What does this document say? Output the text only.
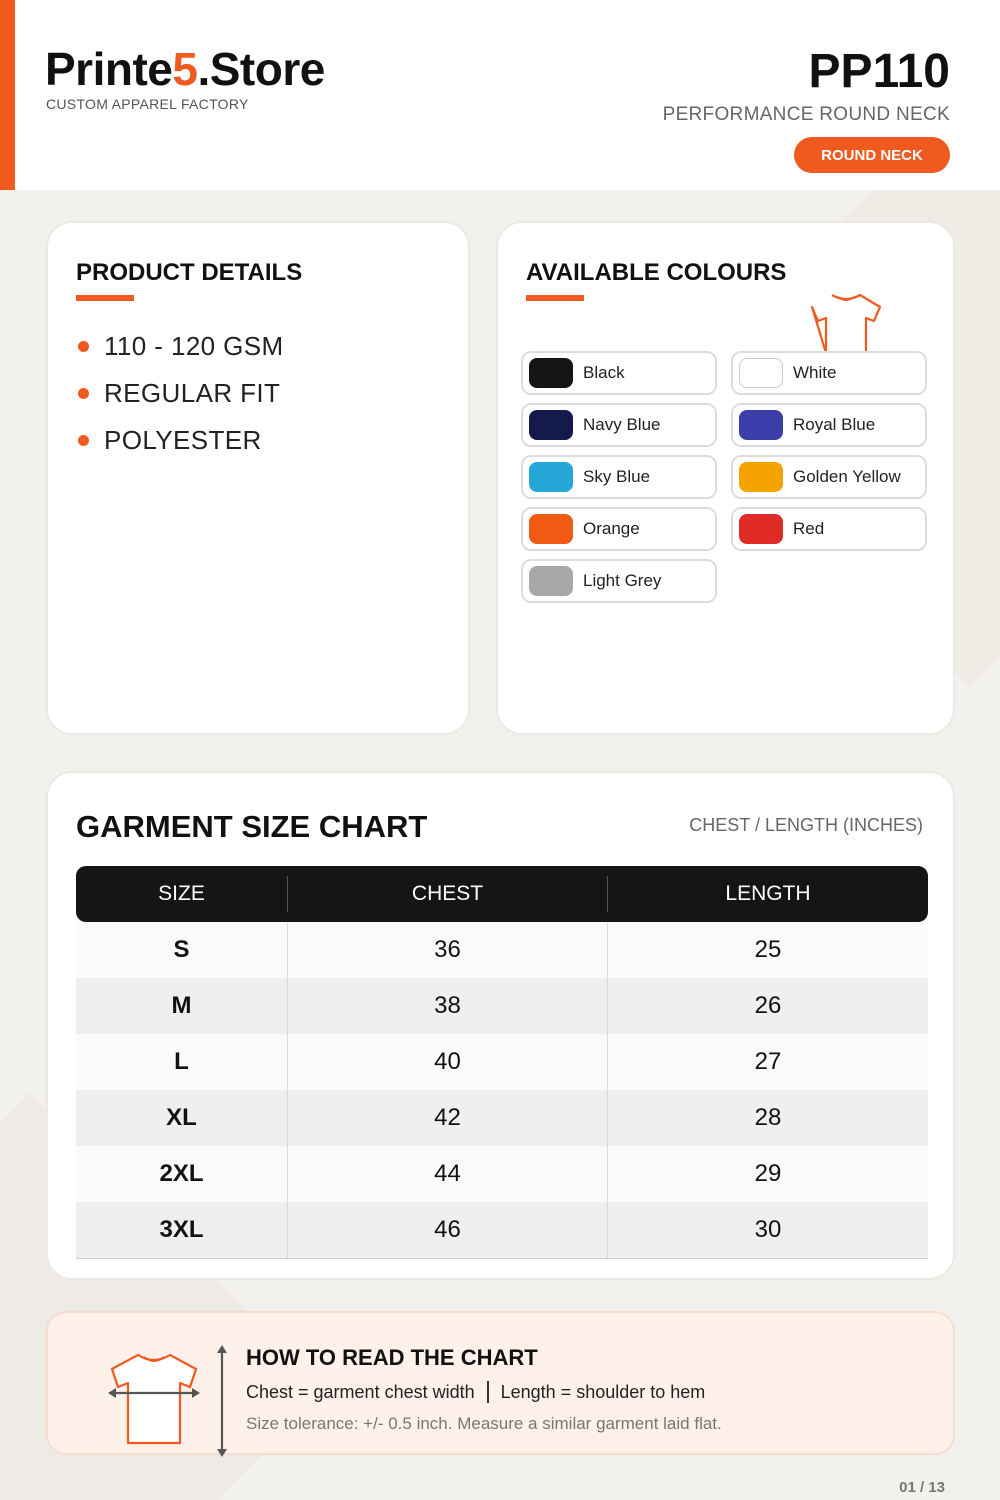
Printe5.Store
CUSTOM APPAREL FACTORY
PP110
PERFORMANCE ROUND NECK
ROUND NECK
PRODUCT DETAILS
110 - 120 GSM
REGULAR FIT
POLYESTER
AVAILABLE COLOURS
Black	White
Navy Blue	Royal Blue
Sky Blue	Golden Yellow
Orange	Red
Light Grey
GARMENT SIZE CHART	CHEST / LENGTH (INCHES)
SIZE	CHEST	LENGTH
S	36	25
M	38	26
L	40	27
XL	42	28
2XL	44	29
3XL	46	30
HOW TO READ THE CHART
Chest = garment chest width Length = shoulder to hem
Size tolerance: +/- 0.5 inch. Measure a similar garment laid flat.
01 / 13
